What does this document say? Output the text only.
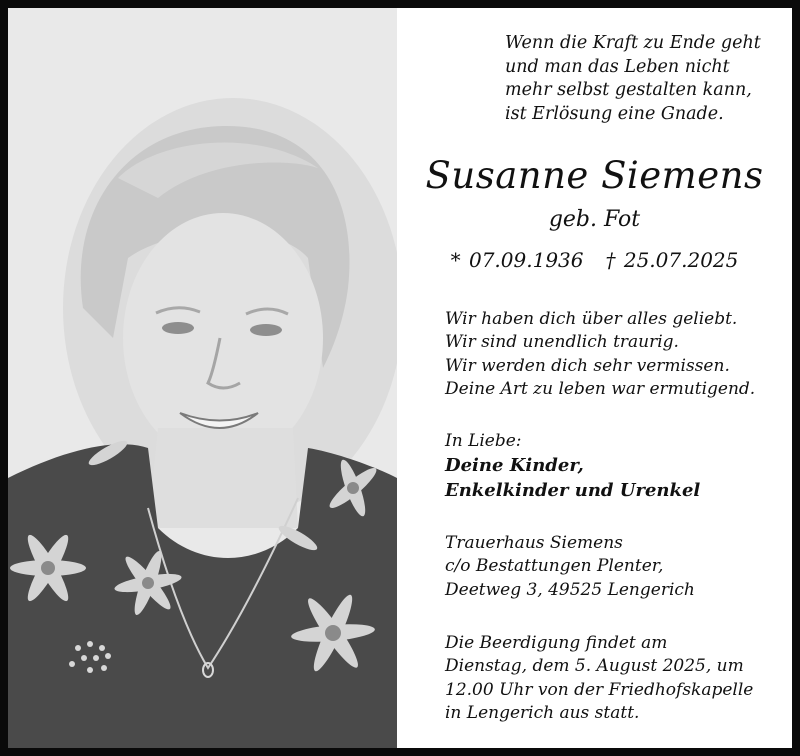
Wenn die Kraft zu Ende geht
und man das Leben nicht
mehr selbst gestalten kann,
ist Erlösung eine Gnade.
Susanne Siemens
geb. Fot
* 07.09.1936 † 25.07.2025
Wir haben dich über alles geliebt.
Wir sind unendlich traurig.
Wir werden dich sehr vermissen.
Deine Art zu leben war ermutigend.
In Liebe:
Deine Kinder,
Enkelkinder und Urenkel
Trauerhaus Siemens
c/o Bestattungen Plenter,
Deetweg 3, 49525 Lengerich
Die Beerdigung findet am
Dienstag, dem 5. August 2025, um
12.00 Uhr von der Friedhofskapelle
in Lengerich aus statt.
